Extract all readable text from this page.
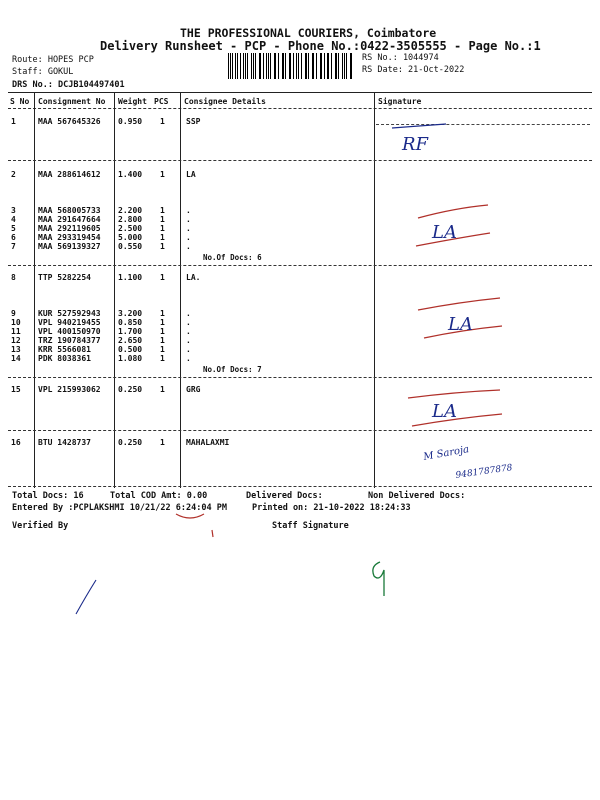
THE PROFESSIONAL COURIERS, Coimbatore
Delivery Runsheet - PCP - Phone No.:0422-3505555 - Page No.:1
Route: HOPES PCP
Staff: GOKUL
DRS No.: DCJB104497401
RS No.: 1044974
RS Date: 21-Oct-2022
S No Consignment No Weight PCS Consignee Details	Signature
1	MAA 567645326 0.950 1	SSP
2	MAA 288614612 1.400 1	LA
3	MAA 568005733 2.200 1	.
4	MAA 291647664 2.800 1	.
5	MAA 292119605 2.500 1	.
6	MAA 293319454 5.000 1	.
7	MAA 569139327 0.550 1	.
No.Of Docs: 6
8	TTP 5282254	1.100 1	LA.
9	KUR 527592943 3.200 1	.
10 VPL 940219455 0.850 1	.
11 VPL 400150970 1.700 1	.
12 TRZ 190784377 2.650 1	.
13 KRR 5566081	0.500 1	.
14 PDK 8038361	1.080 1	.
No.Of Docs: 7
15 VPL 215993062 0.250 1	GRG
16 BTU 1428737	0.250 1	MAHALAXMI
Total Docs: 16	Total COD Amt: 0.00	Delivered Docs:	Non Delivered Docs:
Entered By :PCPLAKSHMI 10/21/22 6:24:04 PM	Printed on: 21-10-2022 18:24:33
Verified By	Staff Signature
RF
LA
LA
LA
M Saroja
9481787878
